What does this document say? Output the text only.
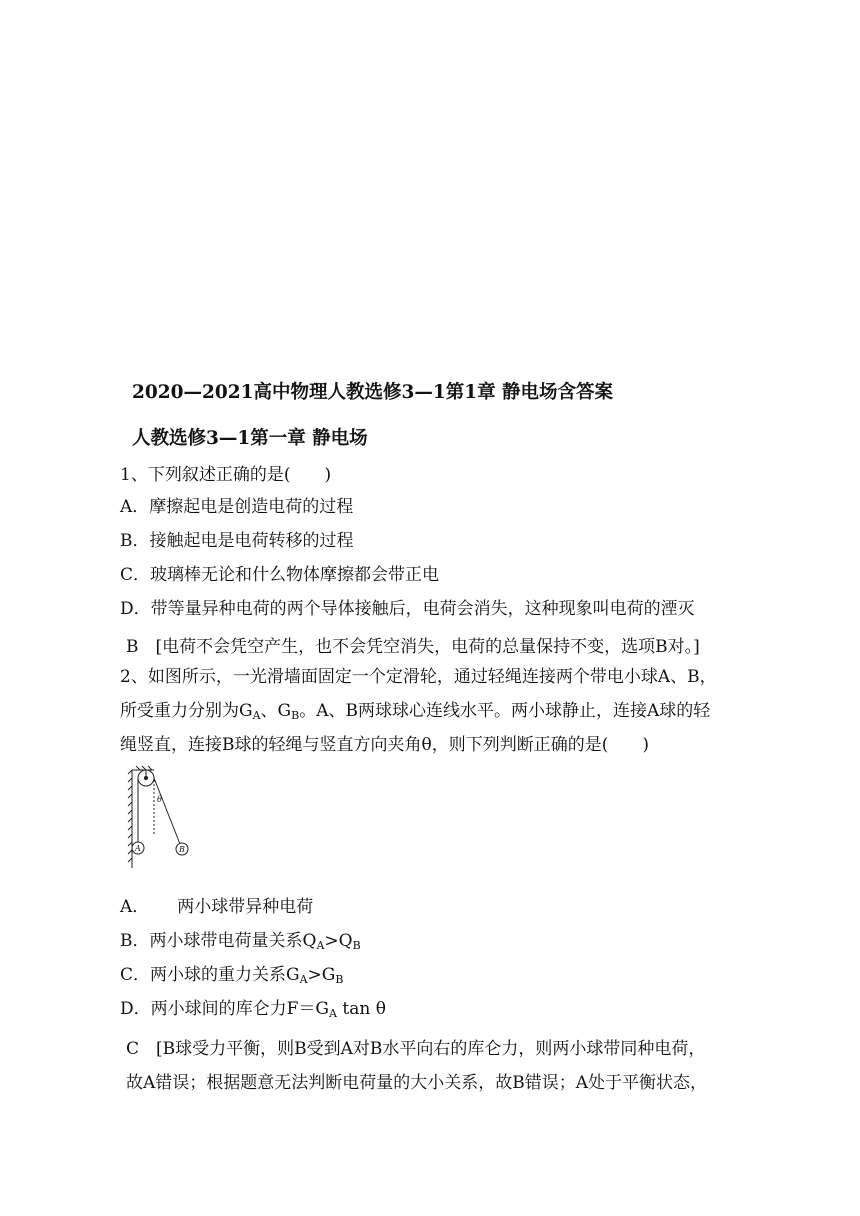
2020—2021高中物理人教选修3—1第1章 静电场含答案
人教选修3—1第一章 静电场
1、下列叙述正确的是(　　)
A．摩擦起电是创造电荷的过程
B．接触起电是电荷转移的过程
C．玻璃棒无论和什么物体摩擦都会带正电
D．带等量异种电荷的两个导体接触后，电荷会消失，这种现象叫电荷的湮灭
B　[电荷不会凭空产生，也不会凭空消失，电荷的总量保持不变，选项B对。]
2、如图所示，一光滑墙面固定一个定滑轮，通过轻绳连接两个带电小球A、B，
所受重力分别为$G_A$、$G_B$。A、B两球球心连线水平。两小球静止，连接A球的轻
绳竖直，连接B球的轻绳与竖直方向夹角θ，则下列判断正确的是(　　)
θ
A	B
A． 两小球带异种电荷
B．两小球带电荷量关系$Q_A>Q_B$
C．两小球的重力关系$G_A>G_B$
D．两小球间的库仑力$F=G_A$ tan θ
C　[B球受力平衡，则B受到A对B水平向右的库仑力，则两小球带同种电荷，
故A错误；根据题意无法判断电荷量的大小关系，故B错误；A处于平衡状态，
